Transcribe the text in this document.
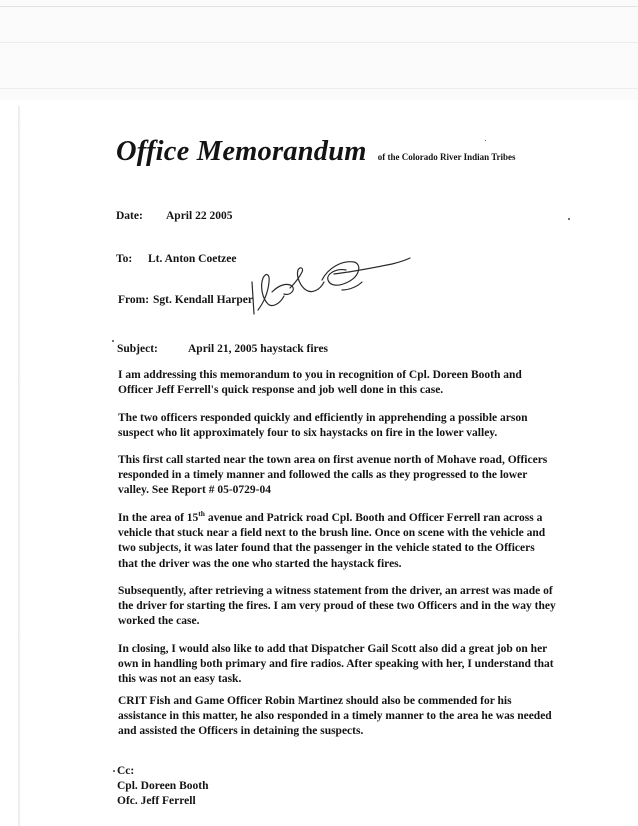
Office Memorandum of the Colorado River Indian Tribes
Date: April 22 2005
To: Lt. Anton Coetzee
From: Sgt. Kendall Harper
Subject:	April 21, 2005 haystack fires

I am addressing this memorandum to you in recognition of Cpl. Doreen Booth and Officer Jeff Ferrell's quick response and job well done in this case.

The two officers responded quickly and efficiently in apprehending a possible arson suspect who lit approximately four to six haystacks on fire in the lower valley.

This first call started near the town area on first avenue north of Mohave road, Officers responded in a timely manner and followed the calls as they progressed to the lower valley. See Report # 05-0729-04

In the area of 15th avenue and Patrick road Cpl. Booth and Officer Ferrell ran across a vehicle that stuck near a field next to the brush line. Once on scene with the vehicle and two subjects, it was later found that the passenger in the vehicle stated to the Officers that the driver was the one who started the haystack fires.

Subsequently, after retrieving a witness statement from the driver, an arrest was made of the driver for starting the fires. I am very proud of these two Officers and in the way they worked the case.

In closing, I would also like to add that Dispatcher Gail Scott also did a great job on her own in handling both primary and fire radios. After speaking with her, I understand that this was not an easy task.

CRIT Fish and Game Officer Robin Martinez should also be commended for his assistance in this matter, he also responded in a timely manner to the area he was needed and assisted the Officers in detaining the suspects.

Cc:
Cpl. Doreen Booth
Ofc. Jeff Ferrell
